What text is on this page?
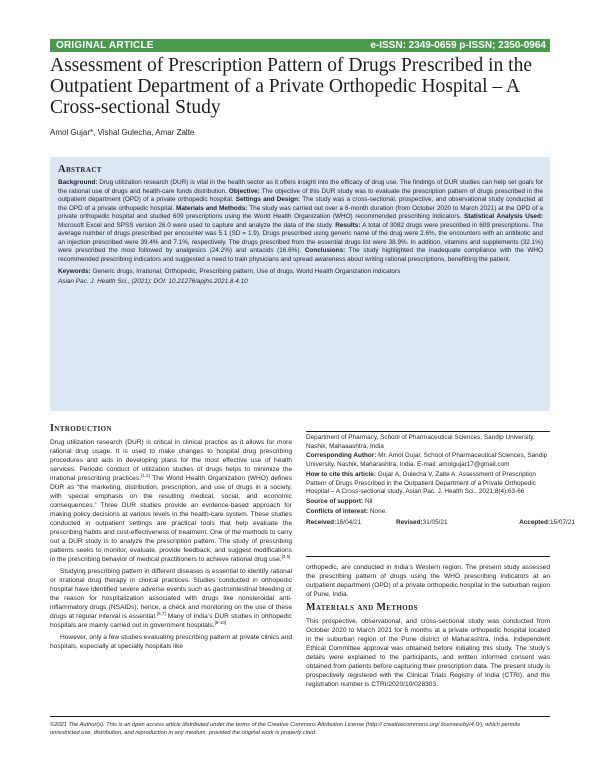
ORIGINAL ARTICLE	e-ISSN: 2349-0659 p-ISSN; 2350-0964
Assessment of Prescription Pattern of Drugs Prescribed in the Outpatient Department of a Private Orthopedic Hospital – A Cross-sectional Study
Amol Gujar*, Vishal Gulecha, Amar Zalte
Abstract

Background: Drug utilization research (DUR) is vital in the health sector as it offers insight into the efficacy of drug use. The findings of DUR studies can help set goals for the rational use of drugs and health-care funds distribution. Objective: The objective of this DUR study was to evaluate the prescription pattern of drugs prescribed in the outpatient department (OPD) of a private orthopedic hospital. Settings and Design: The study was a cross-sectional, prospective, and observational study conducted at the OPD of a private orthopedic hospital. Materials and Methods: The study was carried out over a 6-month duration (from October 2020 to March 2021) at the OPD of a private orthopedic hospital and studied 609 prescriptions using the World Health Organization (WHO) recommended prescribing indicators. Statistical Analysis Used: Microsoft Excel and SPSS version 26.0 were used to capture and analyze the data of the study. Results: A total of 3082 drugs were prescribed in 609 prescriptions. The average number of drugs prescribed per encounter was 5.1 (SD = 1.9). Drugs prescribed using generic name of the drug were 2.6%, the encounters with an antibiotic and an injection prescribed were 39.4% and 7.1%, respectively. The drugs prescribed from the essential drugs list were 38.9%. In addition, vitamins and supplements (32.1%) were prescribed the most followed by analgesics (24.2%) and antacids (16.6%). Conclusions: The study highlighted the inadequate compliance with the WHO recommended prescribing indicators and suggested a need to train physicians and spread awareness about writing rational prescriptions, benefitting the patient.

Keywords: Generic drugs, Irrational, Orthopedic, Prescribing pattern, Use of drugs, World Health Organization indicators

Asian Pac. J. Health Sci., (2021); DOI: 10.21276/apjhs.2021.8.4.10

Introduction

Drug utilization research (DUR) is critical in clinical practice as it allows for more rational drug usage. It is used to make changes to hospital drug prescribing procedures and aids in developing plans for the most effective use of health services. Periodic conduct of utilization studies of drugs helps to minimize the irrational prescribing practices.[1,2] The World Health Organization (WHO) defines DUR as “the marketing, distribution, prescription, and use of drugs in a society, with special emphasis on the resulting medical, social, and economic consequences.” Three DUR studies provide an evidence-based approach for making policy decisions at various levels in the health-care system. These studies conducted in outpatient settings are practical tools that help evaluate the prescribing habits and cost-effectiveness of treatment. One of the methods to carry out a DUR study is to analyze the prescription pattern. The study of prescribing patterns seeks to monitor, evaluate, provide feedback, and suggest modifications in the prescribing behavior of medical practitioners to achieve rational drug use.[3,5]

Studying prescribing pattern in different diseases is essential to identify rational or irrational drug therapy in clinical practices. Studies conducted in orthopedic hospital have identified severe adverse events such as gastrointestinal bleeding or the reason for hospitalization associated with drugs like nonsteroidal anti-inflammatory drugs (NSAIDs); hence, a check and monitoring on the use of these drugs at regular interval is essential.[6,7] Many of India’s DUR studies in orthopedic hospitals are mainly carried out in government hospitals.[8-10]

However, only a few studies evaluating prescribing pattern at private clinics and hospitals, especially at specialty hospitals like

Department of Pharmacy, School of Pharmaceutical Sciences, Sandip University, Nashik, Mahaaashtra, India

Corresponding Author: Mr. Amol Gujar, School of Pharmaceutical Sciences, Sandip University, Nashik, Maharashtra, India. E-mail: amolgujar17@gmail.com

How to cite this article: Gujar A, Gulecha V, Zalte A. Assessment of Prescription Pattern of Drugs Prescribed in the Outpatient Department of a Private Orthopedic Hospital – A Cross-sectional study. Asian Pac. J. Health Sci., 2021;8(4):63-66

Source of support: Nil

Conflicts of interest: None.

Received: 16/04/21	Revised: 31/05/21	Accepted: 15/07/21
orthopedic, are conducted in India’s Western region. The present study assessed the prescribing pattern of drugs using the WHO prescribing indicators at an outpatient department (OPD) of a private orthopedic hospital in the suburban region of Pune, India.
Materials and Methods

This prospective, observational, and cross-sectional study was conducted from October 2020 to March 2021 for 6 months at a private orthopedic hospital located in the suburban region of the Pune district of Maharashtra, India. Independent Ethical Committee approval was obtained before initiating this study. The study’s details were explained to the participants, and written informed consent was obtained from patients before capturing their prescription data. The present study is prospectively registered with the Clinical Trials Registry of India (CTRI), and the registration number is CTRI/2020/10/028303.

©2021 The Author(s). This is an open access article distributed under the terms of the Creative Commons Attribution License (http:// creativecommons.org/ licenses/by/4.0/), which permits unrestricted use, distribution, and reproduction in any medium, provided the original work is properly cited.
